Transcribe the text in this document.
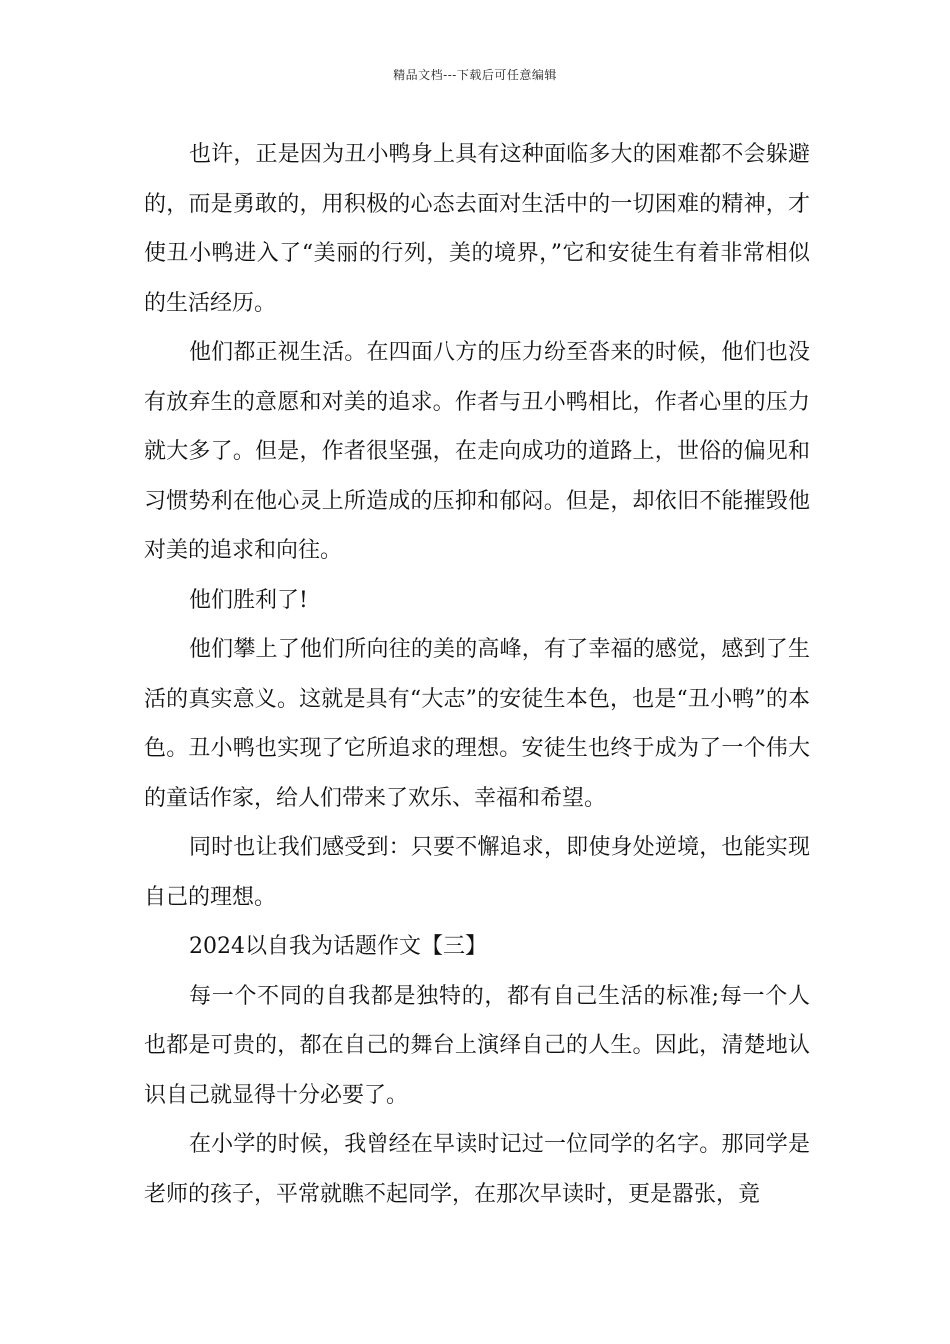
精品文档---下载后可任意编辑

也许，正是因为丑小鸭身上具有这种面临多大的困难都不会躲避的，而是勇敢的，用积极的心态去面对生活中的一切困难的精神，才使丑小鸭进入了“美丽的行列，美的境界，”它和安徒生有着非常相似的生活经历。

他们都正视生活。在四面八方的压力纷至沓来的时候，他们也没有放弃生的意愿和对美的追求。作者与丑小鸭相比，作者心里的压力就大多了。但是，作者很坚强，在走向成功的道路上，世俗的偏见和习惯势利在他心灵上所造成的压抑和郁闷。但是，却依旧不能摧毁他对美的追求和向往。

他们胜利了!

他们攀上了他们所向往的美的高峰，有了幸福的感觉，感到了生活的真实意义。这就是具有“大志”的安徒生本色，也是“丑小鸭”的本色。丑小鸭也实现了它所追求的理想。安徒生也终于成为了一个伟大的童话作家，给人们带来了欢乐、幸福和希望。

同时也让我们感受到：只要不懈追求，即使身处逆境，也能实现自己的理想。

2024以自我为话题作文【三】

每一个不同的自我都是独特的，都有自己生活的标准;每一个人也都是可贵的，都在自己的舞台上演绎自己的人生。因此，清楚地认识自己就显得十分必要了。

在小学的时候，我曾经在早读时记过一位同学的名字。那同学是老师的孩子，平常就瞧不起同学，在那次早读时，更是嚣张，竟
